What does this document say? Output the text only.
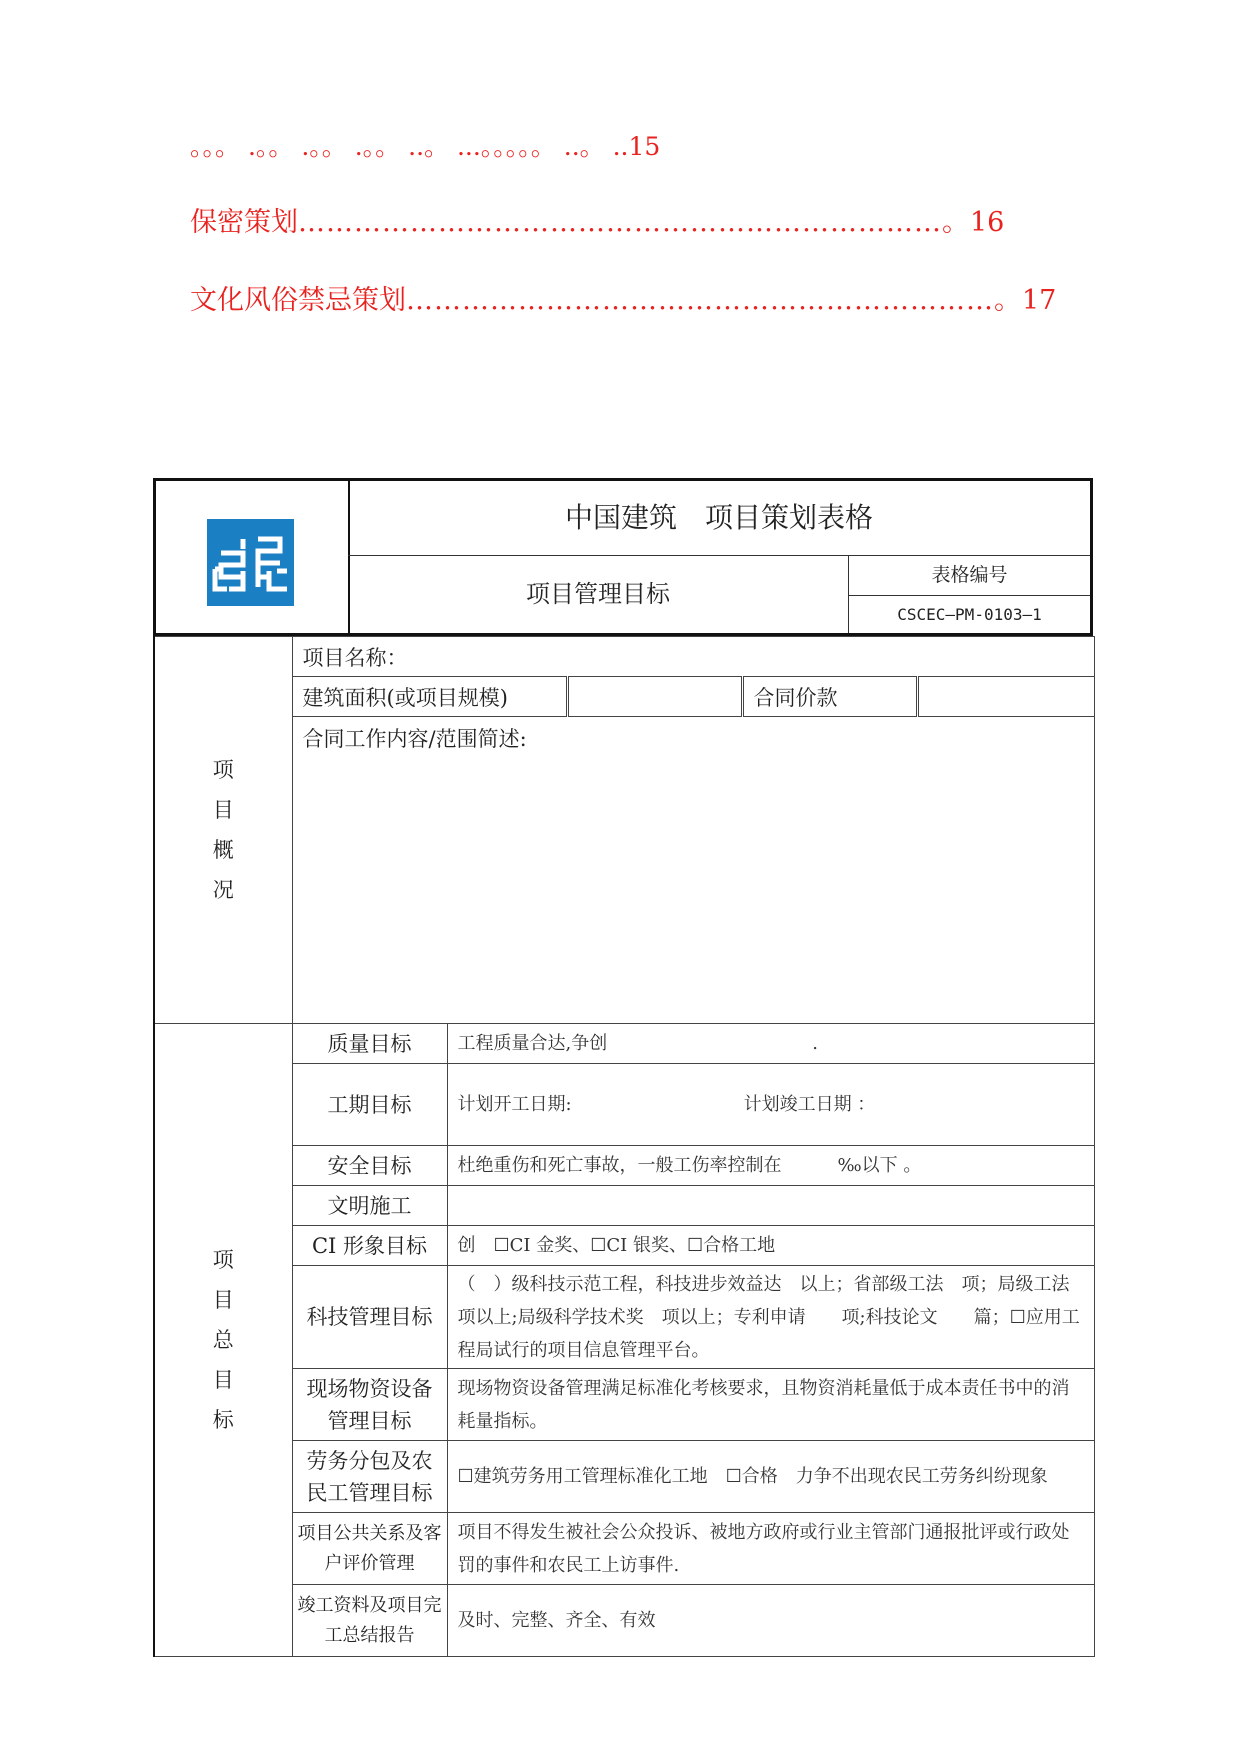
。。。 .。。 .。。 .。。 ..。 ...。。。。。 ..。 ..15
保密策划……………………………………………………………。16
文化风俗禁忌策划………………………………………………………。17
中国建筑　项目策划表格
项目管理目标
表格编号
CSCEC—PM-0103—1
项
目
概
况	项目名称：				
	建筑面积(或项目规模)			合同价款	
	合同工作内容/范围简述:				
项
目
总
目
标	质量目标	工程质量合达,争创 .			
	工期目标	计划开工日期: 计划竣工日期 ：			
	安全目标	杜绝重伤和死亡事故，一般工伤率控制在 ‰以下 。			
	文明施工				
	CI 形象目标	创　☐CI 金奖、☐CI 银奖、☐合格工地			
	科技管理目标	（　）级科技示范工程，科技进步效益达　以上；省部级工法　项；局级工法　项以上;局级科学技术奖　项以上；专利申请　　项;科技论文　　篇；☐应用工程局试行的项目信息管理平台。			
	现场物资设备管理目标	现场物资设备管理满足标准化考核要求，且物资消耗量低于成本责任书中的消耗量指标。			
	劳务分包及农民工管理目标	☐建筑劳务用工管理标准化工地　☐合格　力争不出现农民工劳务纠纷现象			
	项目公共关系及客户评价管理	项目不得发生被社会公众投诉、被地方政府或行业主管部门通报批评或行政处罚的事件和农民工上访事件.			
	竣工资料及项目完工总结报告	及时、完整、齐全、有效			
